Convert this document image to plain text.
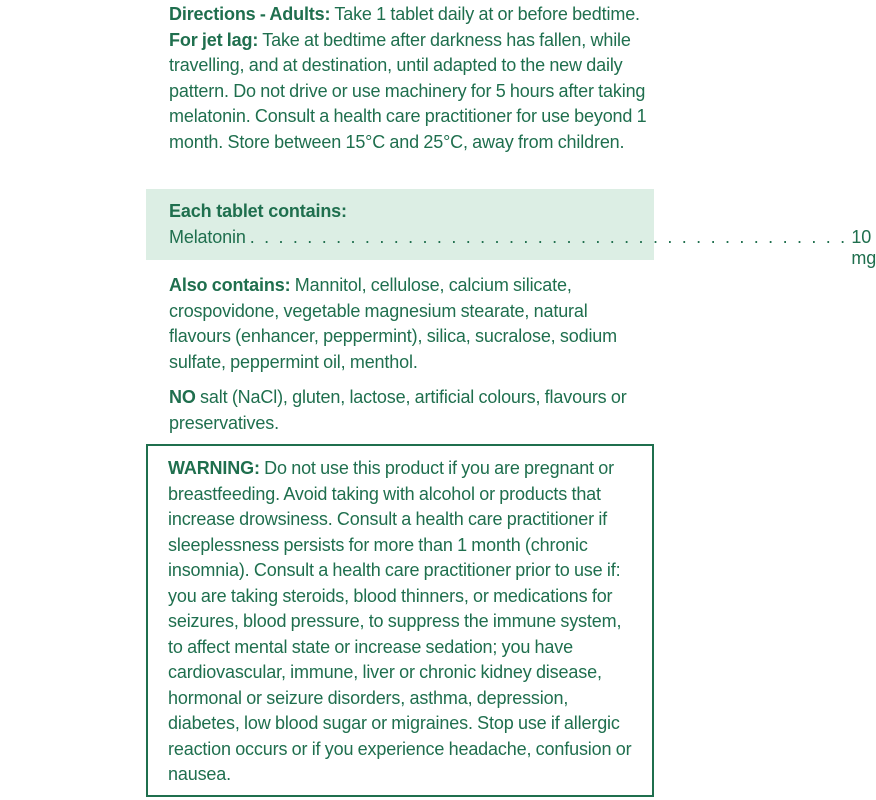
Directions - Adults: Take 1 tablet daily at or before bedtime. For jet lag: Take at bedtime after darkness has fallen, while travelling, and at destination, until adapted to the new daily pattern. Do not drive or use machinery for 5 hours after taking melatonin. Consult a health care practitioner for use beyond 1 month. Store between 15°C and 25°C, away from children.
Each tablet contains:
Melatonin . . . . . . . . . . . . . . . . . . . . . . . . . . . . . . . . . . . . . . . . . . 10 mg
Also contains: Mannitol, cellulose, calcium silicate, crospovidone, vegetable magnesium stearate, natural flavours (enhancer, peppermint), silica, sucralose, sodium sulfate, peppermint oil, menthol.
NO salt (NaCl), gluten, lactose, artificial colours, flavours or preservatives.
WARNING: Do not use this product if you are pregnant or breastfeeding. Avoid taking with alcohol or products that increase drowsiness. Consult a health care practitioner if sleeplessness persists for more than 1 month (chronic insomnia). Consult a health care practitioner prior to use if: you are taking steroids, blood thinners, or medications for seizures, blood pressure, to suppress the immune system, to affect mental state or increase sedation; you have cardiovascular, immune, liver or chronic kidney disease, hormonal or seizure disorders, asthma, depression, diabetes, low blood sugar or migraines. Stop use if allergic reaction occurs or if you experience headache, confusion or nausea.
